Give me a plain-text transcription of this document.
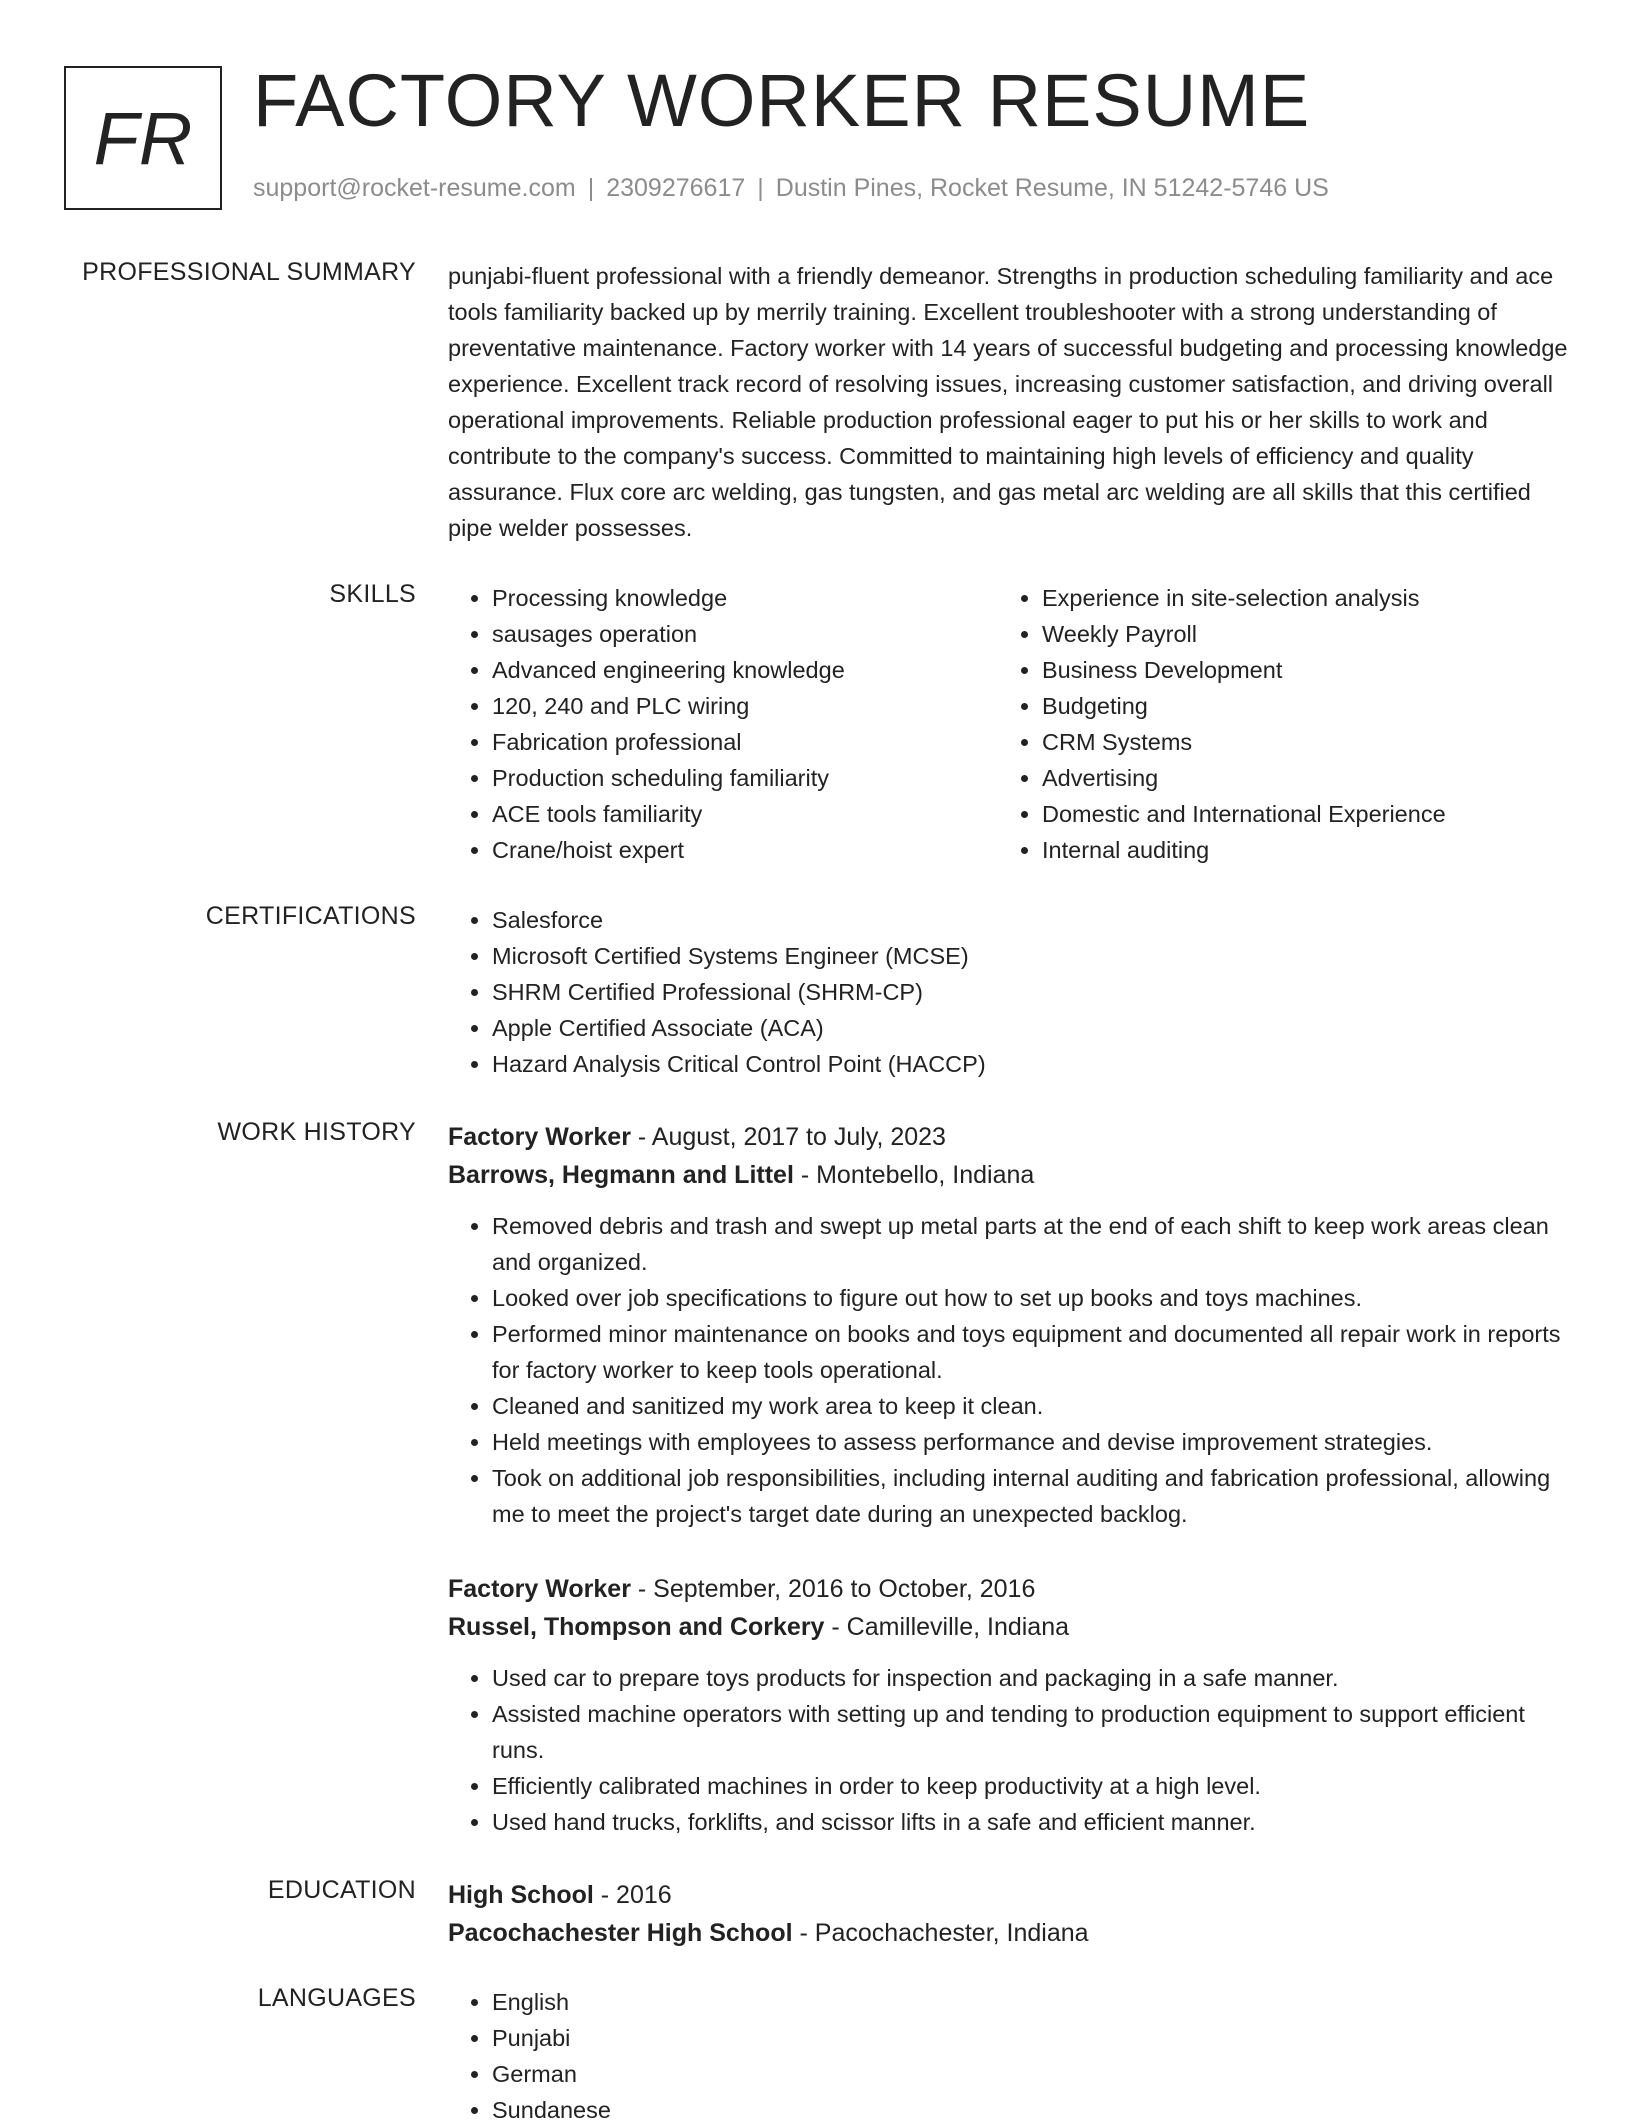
FR FACTORY WORKER RESUME
support@rocket-resume.com | 2309276617 | Dustin Pines, Rocket Resume, IN 51242-5746 US
PROFESSIONAL SUMMARY punjabi-fluent professional with a friendly demeanor. Strengths in production scheduling familiarity and ace tools familiarity backed up by merrily training. Excellent troubleshooter with a strong understanding of preventative maintenance. Factory worker with 14 years of successful budgeting and processing knowledge experience. Excellent track record of resolving issues, increasing customer satisfaction, and driving overall operational improvements. Reliable production professional eager to put his or her skills to work and contribute to the company's success. Committed to maintaining high levels of efficiency and quality assurance. Flux core arc welding, gas tungsten, and gas metal arc welding are all skills that this certified pipe welder possesses.

SKILLS	• Processing knowledge
• sausages operation
• Advanced engineering knowledge
• 120, 240 and PLC wiring
• Fabrication professional
• Production scheduling familiarity
• ACE tools familiarity
• Crane/hoist expert
• Experience in site-selection analysis
• Weekly Payroll
• Business Development
• Budgeting
• CRM Systems
• Advertising
• Domestic and International Experience
• Internal auditing
CERTIFICATIONS	• Salesforce
• Microsoft Certified Systems Engineer (MCSE)
• SHRM Certified Professional (SHRM-CP)
• Apple Certified Associate (ACA)
• Hazard Analysis Critical Control Point (HACCP)
WORK HISTORY Factory Worker - August, 2017 to July, 2023
Barrows, Hegmann and Littel - Montebello, Indiana
• Removed debris and trash and swept up metal parts at the end of each shift to keep work areas clean and organized.
• Looked over job specifications to figure out how to set up books and toys machines.
• Performed minor maintenance on books and toys equipment and documented all repair work in reports for factory worker to keep tools operational.
• Cleaned and sanitized my work area to keep it clean.
• Held meetings with employees to assess performance and devise improvement strategies.
• Took on additional job responsibilities, including internal auditing and fabrication professional, allowing me to meet the project's target date during an unexpected backlog.
Factory Worker - September, 2016 to October, 2016
Russel, Thompson and Corkery - Camilleville, Indiana
• Used car to prepare toys products for inspection and packaging in a safe manner.
• Assisted machine operators with setting up and tending to production equipment to support efficient runs.
• Efficiently calibrated machines in order to keep productivity at a high level.
• Used hand trucks, forklifts, and scissor lifts in a safe and efficient manner.
EDUCATION High School - 2016
Pacochachester High School - Pacochachester, Indiana
LANGUAGES	• English
• Punjabi
• German
• Sundanese
